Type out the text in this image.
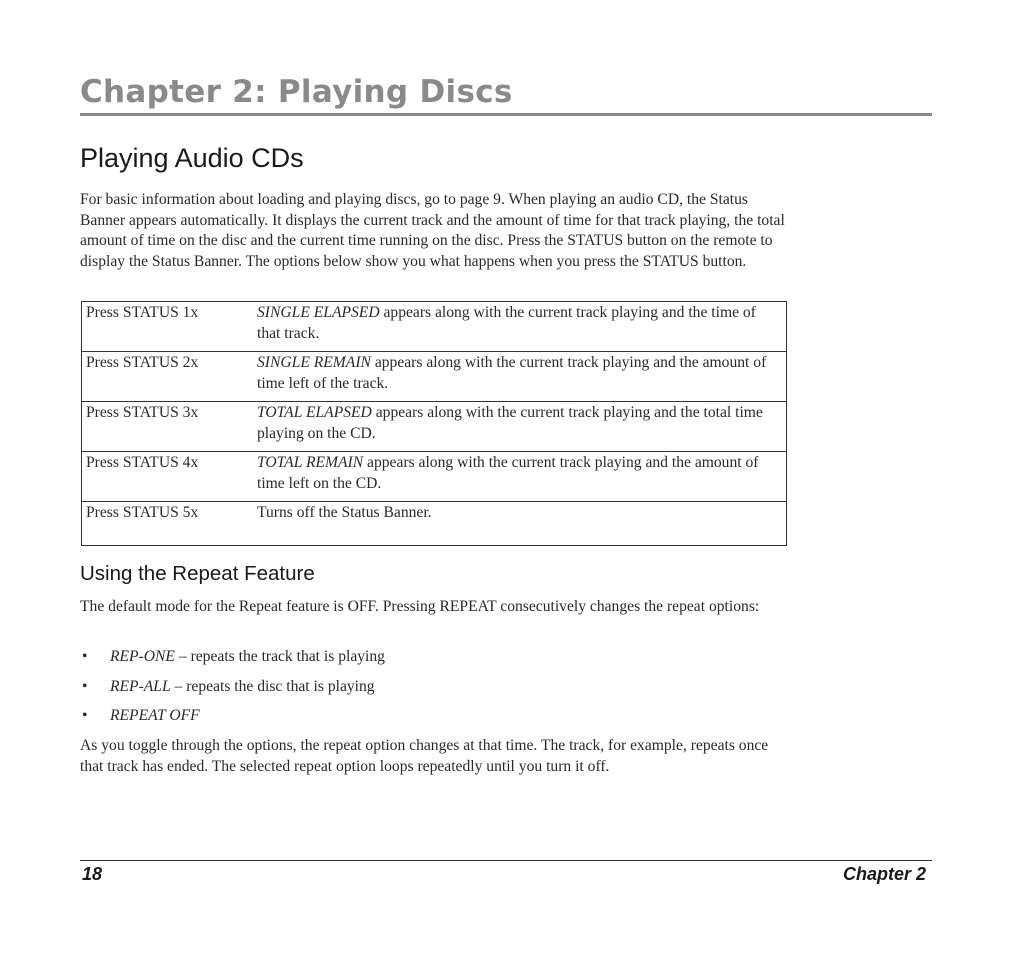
Chapter 2: Playing Discs
Playing Audio CDs

For basic information about loading and playing discs, go to page 9. When playing an audio CD, the Status Banner appears automatically. It displays the current track and the amount of time for that track playing, the total amount of time on the disc and the current time running on the disc. Press the STATUS button on the remote to display the Status Banner. The options below show you what happens when you press the STATUS button.

Press STATUS 1x	SINGLE ELAPSED appears along with the current track playing and the time of that track.
Press STATUS 2x	SINGLE REMAIN appears along with the current track playing and the amount of time left of the track.
Press STATUS 3x	TOTAL ELAPSED appears along with the current track playing and the total time playing on the CD.
Press STATUS 4x	TOTAL REMAIN appears along with the current track playing and the amount of time left on the CD.
Press STATUS 5x	Turns off the Status Banner.
Using the Repeat Feature

The default mode for the Repeat feature is OFF. Pressing REPEAT consecutively changes the repeat options:

• REP-ONE – repeats the track that is playing
• REP-ALL – repeats the disc that is playing
• REPEAT OFF

As you toggle through the options, the repeat option changes at that time. The track, for example, repeats once that track has ended. The selected repeat option loops repeatedly until you turn it off.

18	Chapter 2
